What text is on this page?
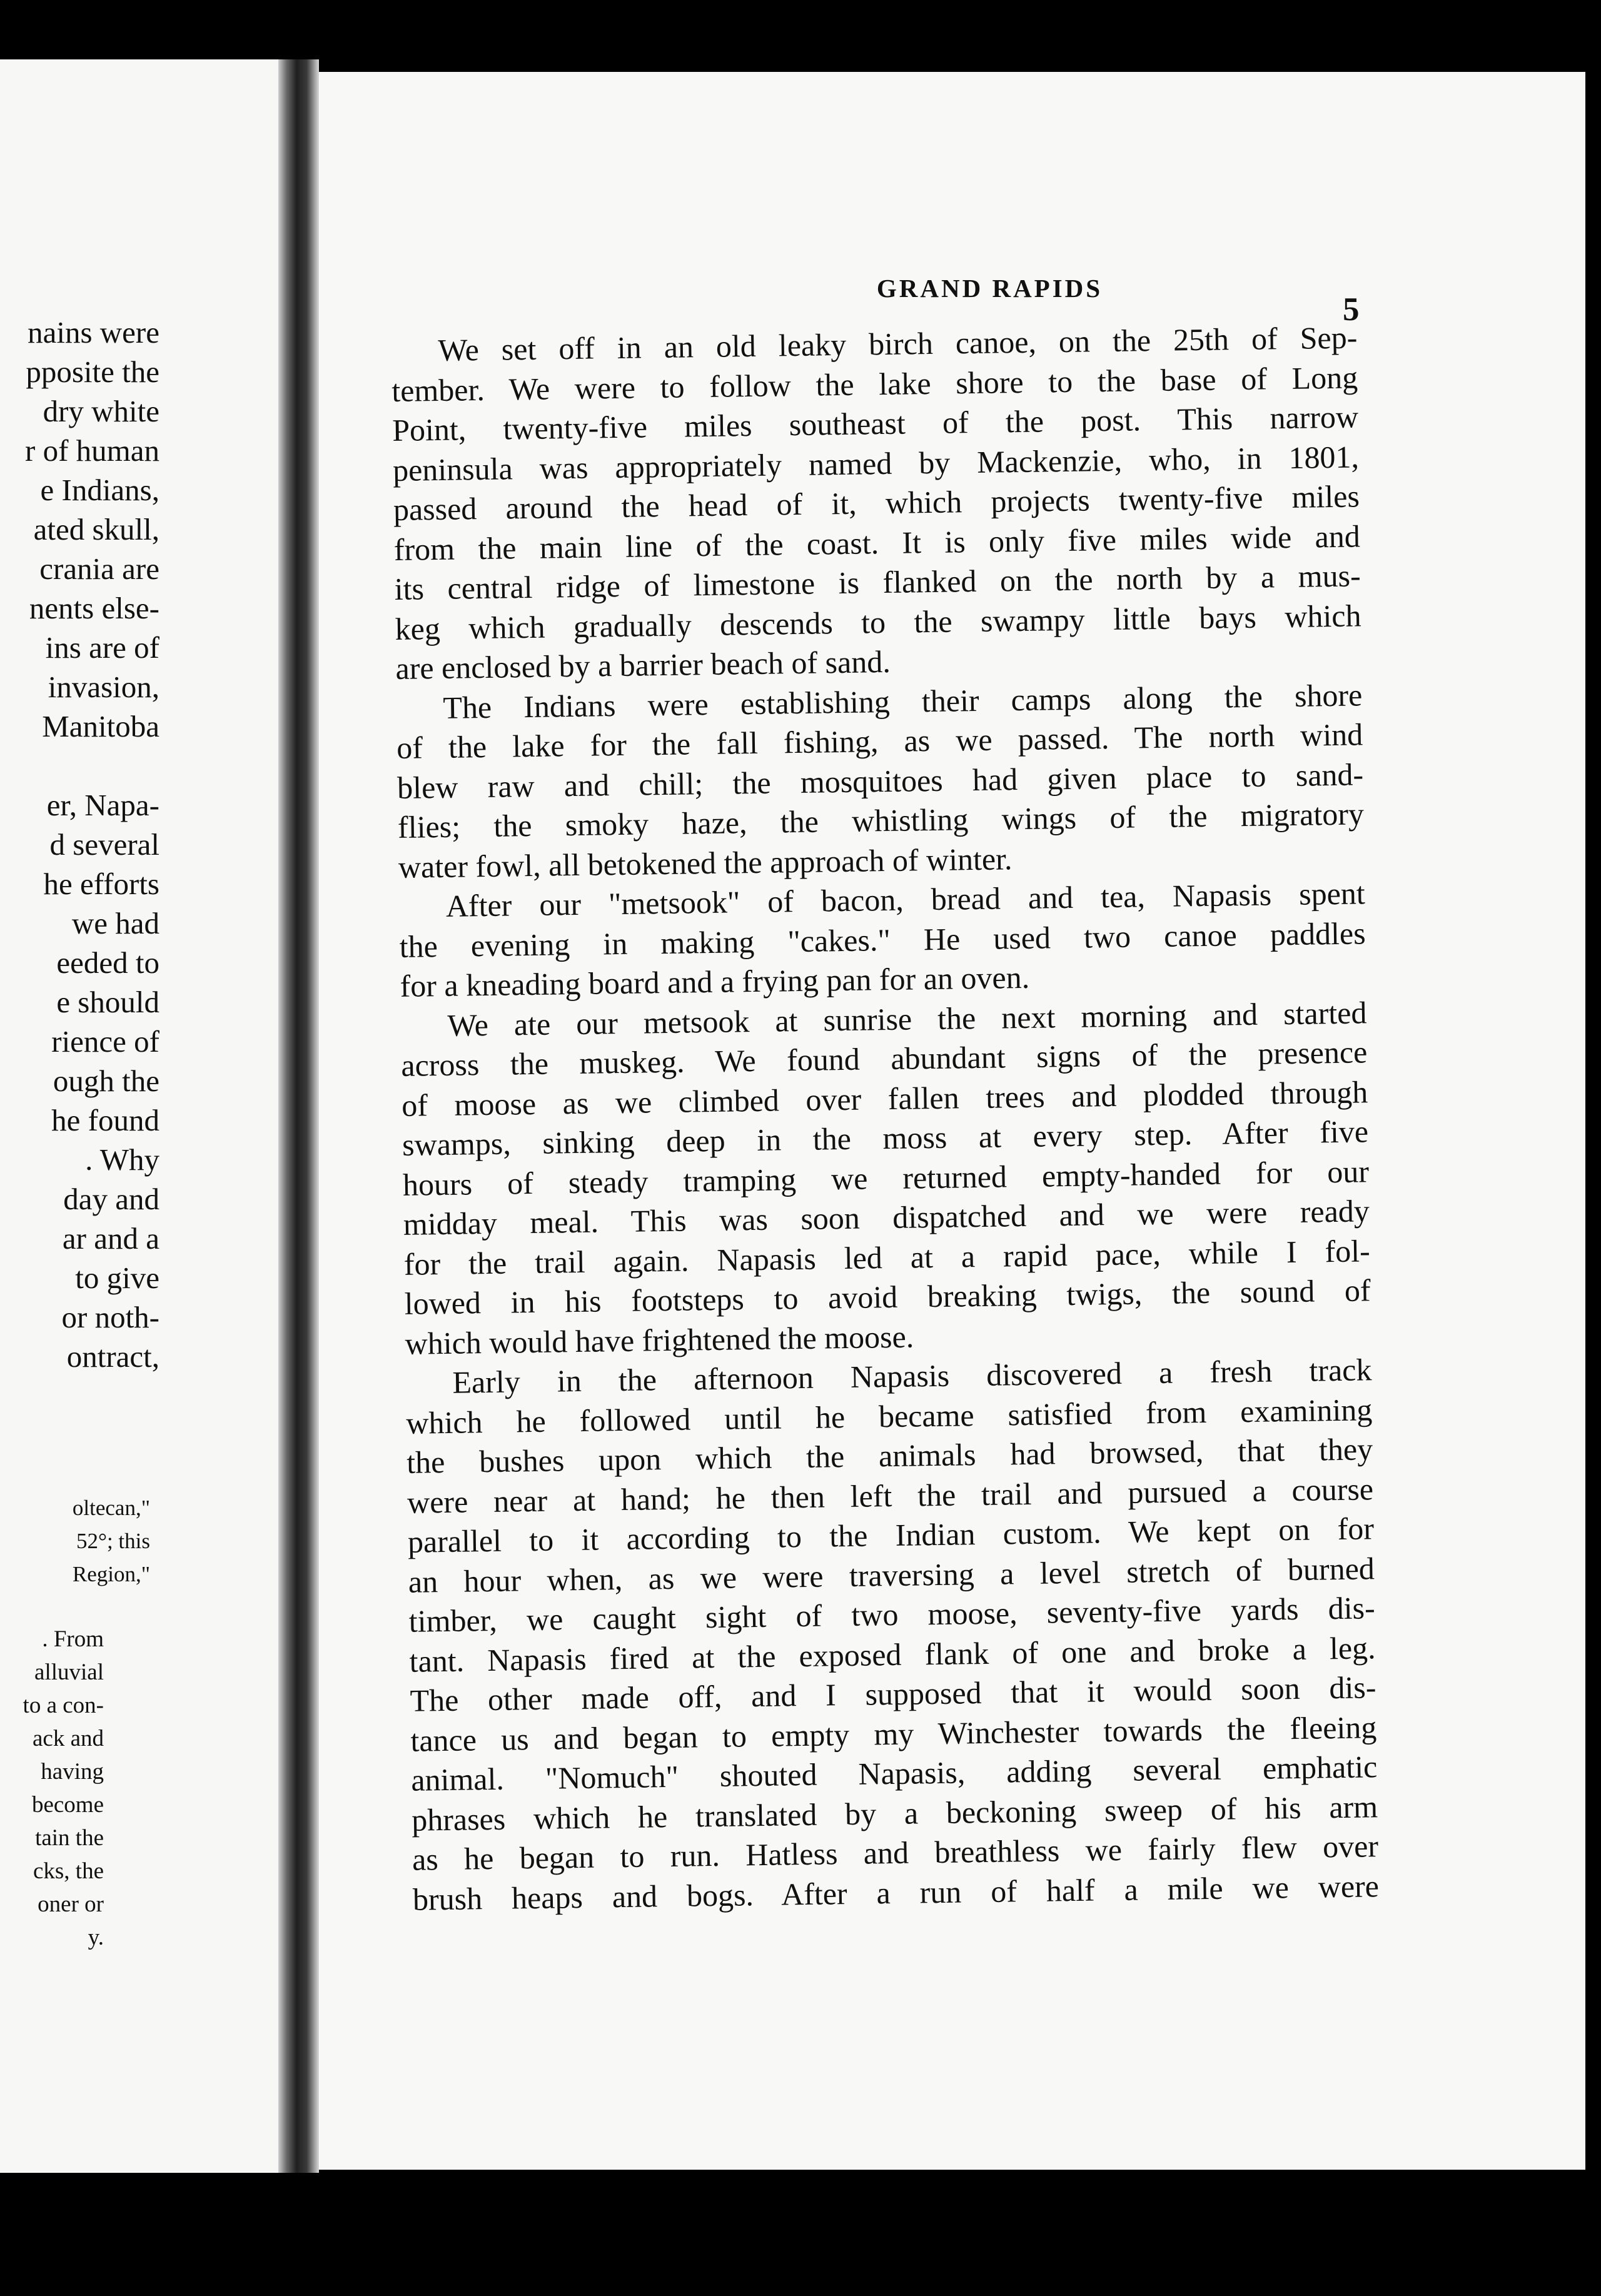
nains were
pposite the
dry white
r of human
e Indians,
ated skull,
crania are
nents else-
ins are of
invasion,
Manitoba
er, Napa-
d several
he efforts
we had
eeded to
e should
rience of
ough the
he found
. Why
day and
ar and a
to give
or noth-
ontract,
oltecan,"
52°; this
Region,"
. From
alluvial
to a con-
ack and
having
become
tain the
cks, the
oner or
y.
GRAND RAPIDS
5
We set off in an old leaky birch canoe, on the 25th of Sep-
tember. We were to follow the lake shore to the base of Long
Point, twenty-five miles southeast of the post. This narrow
peninsula was appropriately named by Mackenzie, who, in 1801,
passed around the head of it, which projects twenty-five miles
from the main line of the coast. It is only five miles wide and
its central ridge of limestone is flanked on the north by a mus-
keg which gradually descends to the swampy little bays which
are enclosed by a barrier beach of sand.
The Indians were establishing their camps along the shore
of the lake for the fall fishing, as we passed. The north wind
blew raw and chill; the mosquitoes had given place to sand-
flies; the smoky haze, the whistling wings of the migratory
water fowl, all betokened the approach of winter.
After our "metsook" of bacon, bread and tea, Napasis spent
the evening in making "cakes." He used two canoe paddles
for a kneading board and a frying pan for an oven.
We ate our metsook at sunrise the next morning and started
across the muskeg. We found abundant signs of the presence
of moose as we climbed over fallen trees and plodded through
swamps, sinking deep in the moss at every step. After five
hours of steady tramping we returned empty-handed for our
midday meal. This was soon dispatched and we were ready
for the trail again. Napasis led at a rapid pace, while I fol-
lowed in his footsteps to avoid breaking twigs, the sound of
which would have frightened the moose.
Early in the afternoon Napasis discovered a fresh track
which he followed until he became satisfied from examining
the bushes upon which the animals had browsed, that they
were near at hand; he then left the trail and pursued a course
parallel to it according to the Indian custom. We kept on for
an hour when, as we were traversing a level stretch of burned
timber, we caught sight of two moose, seventy-five yards dis-
tant. Napasis fired at the exposed flank of one and broke a leg.
The other made off, and I supposed that it would soon dis-
tance us and began to empty my Winchester towards the fleeing
animal. "Nomuch" shouted Napasis, adding several emphatic
phrases which he translated by a beckoning sweep of his arm
as he began to run. Hatless and breathless we fairly flew over
brush heaps and bogs. After a run of half a mile we were
